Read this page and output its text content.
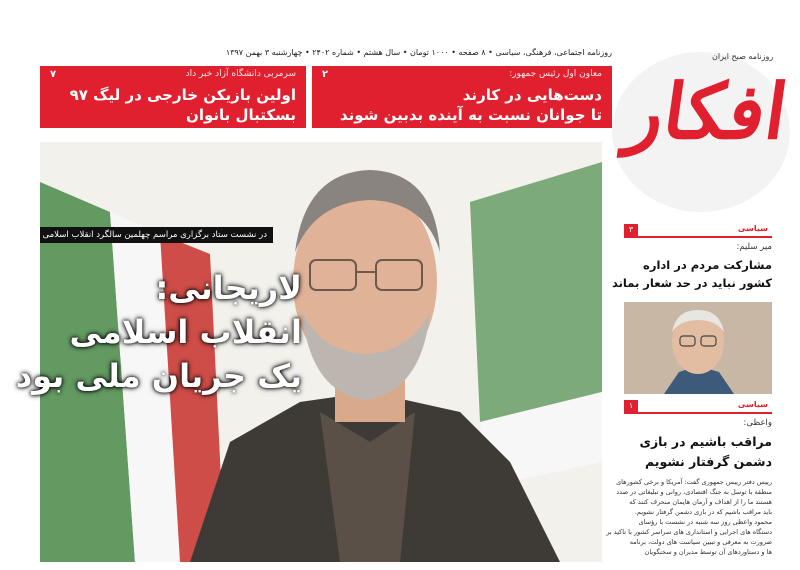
روزنامه اجتماعی، فرهنگی، سیاسی • ۸ صفحه • ۱۰۰۰ تومان • سال هشتم • شماره ۲۴۰۲ • چهارشنبه ۳ بهمن ۱۳۹۷
معاون اول رئیس جمهور:
۲
دست‌هایی در کارند
تا جوانان نسبت به آینده بدبین شوند
سرمربی دانشگاه آزاد خبر داد
۷
اولین بازیکن خارجی در لیگ ۹۷
بسکتبال بانوان
روزنامه صبح ایران
افکار
در نشست ستاد برگزاری مراسم چهلمین سالگرد انقلاب اسلامی
لاریجانی:
انقلاب اسلامی
یک جریان ملی بود
سیاسی
۳
میر سلیم:
مشارکت مردم در اداره
کشور نباید در حد شعار بماند
سیاسی
۱
واعظی:
مراقب باشیم در بازی
دشمن گرفتار نشویم
رییس دفتر رییس جمهوری گفت: آمریکا و برخی کشورهای
منطقه با توسل به جنگ اقتصادی، روانی و تبلیغاتی در صدد
هستند ما را از اهداف و آرمان هایمان منحرف کنند که
باید مراقب باشیم که در بازی دشمن گرفتار نشویم.
محمود واعظی روز سه شنبه در نشست با رؤسای
دستگاه های اجرایی و استانداری های سراسر کشور با تاکید بر
ضرورت به معرفی و تبیین سیاست های دولت، برنامه
ها و دستاوردهای آن توسط مدیران و سخنگویان
